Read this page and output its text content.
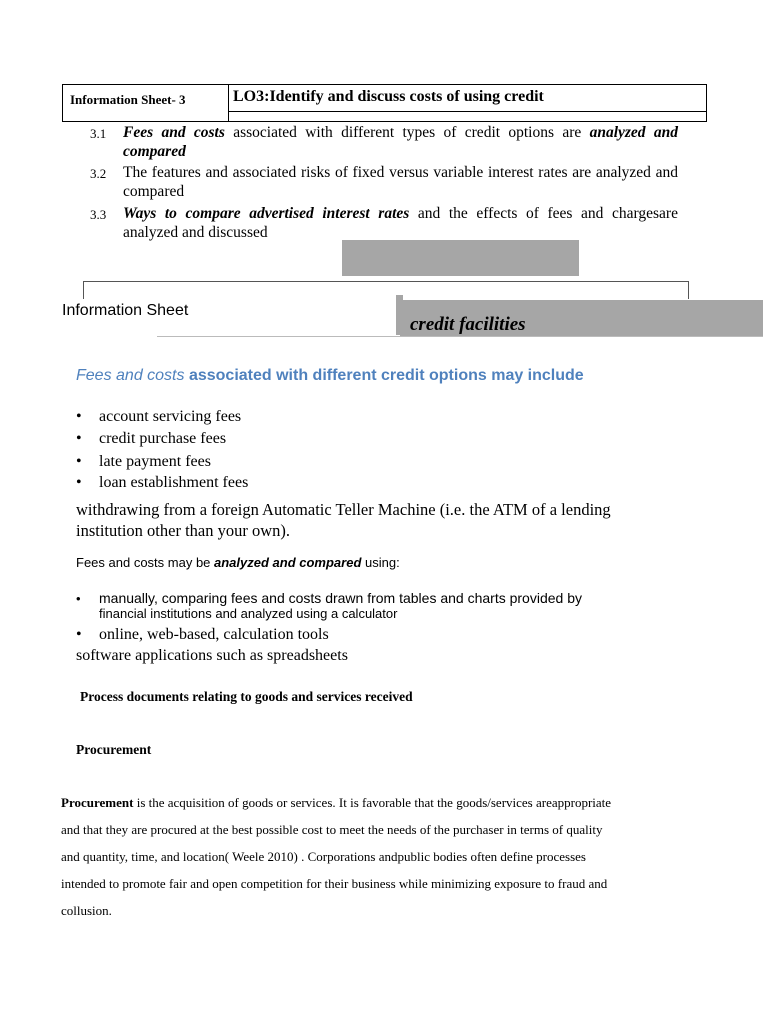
Information Sheet- 3	LO3:Identify and discuss costs of using credit
3.1 Fees and costs associated with different types of credit options are analyzed and compared
3.2 The features and associated risks of fixed versus variable interest rates are analyzed and compared
3.3 Ways to compare advertised interest rates and the effects of fees and chargesare analyzed and discussed
Information Sheet
credit facilities
Fees and costs associated with different credit options may include
• account servicing fees
• credit purchase fees
• late payment fees
• loan establishment fees
withdrawing from a foreign Automatic Teller Machine (i.e. the ATM of a lending
institution other than your own).
Fees and costs may be analyzed and compared using:
• manually, comparing fees and costs drawn from tables and charts provided by
financial institutions and analyzed using a calculator
• online, web-based, calculation tools
software applications such as spreadsheets
Process documents relating to goods and services received
Procurement
Procurement is the acquisition of goods or services. It is favorable that the goods/services areappropriate
and that they are procured at the best possible cost to meet the needs of the purchaser in terms of quality
and quantity, time, and location( Weele 2010) . Corporations andpublic bodies often define processes
intended to promote fair and open competition for their business while minimizing exposure to fraud and
collusion.
